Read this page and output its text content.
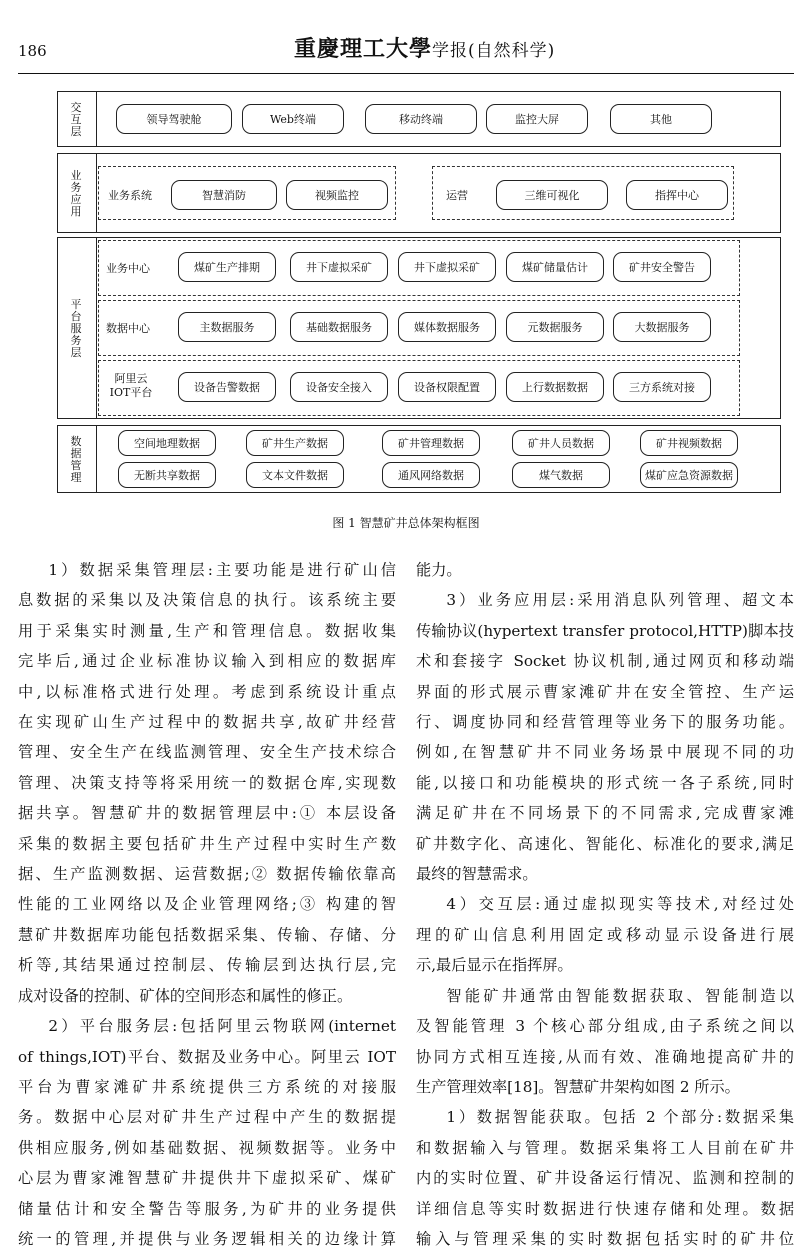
186	重慶理工大學学报(自然科学)
交互层
领导驾驶舱	Web终端	移动终端	监控大屏	其他
业务应用
业务系统	智慧消防	视频监控	运营	三维可视化	指挥中心
平台服务层
业务中心	煤矿生产排期	井下虚拟采矿	井下虚拟采矿	煤矿储量估计	矿井安全警告
数据中心	主数据服务	基础数据服务	媒体数据服务	元数据服务	大数据服务
阿里云 IOT平台	设备告警数据	设备安全接入	设备权限配置	上行数据数据	三方系统对接
数据管理
空间地理数据	矿井生产数据	矿井管理数据	矿井人员数据	矿井视频数据
无断共享数据	文本文件数据	通风网络数据	煤气数据	煤矿应急资源数据
图 1 智慧矿井总体架构框图
1）数据采集管理层:主要功能是进行矿山信
息数据的采集以及决策信息的执行。该系统主要
用于采集实时测量,生产和管理信息。数据收集
完毕后,通过企业标准协议输入到相应的数据库
中,以标准格式进行处理。考虑到系统设计重点
在实现矿山生产过程中的数据共享,故矿井经营
管理、安全生产在线监测管理、安全生产技术综合
管理、决策支持等将采用统一的数据仓库,实现数
据共享。智慧矿井的数据管理层中:① 本层设备
采集的数据主要包括矿井生产过程中实时生产数
据、生产监测数据、运营数据;② 数据传输依靠高
性能的工业网络以及企业管理网络;③ 构建的智
慧矿井数据库功能包括数据采集、传输、存储、分
析等,其结果通过控制层、传输层到达执行层,完
成对设备的控制、矿体的空间形态和属性的修正。
2）平台服务层:包括阿里云物联网(internet
of things,IOT)平台、数据及业务中心。阿里云 IOT
平台为曹家滩矿井系统提供三方系统的对接服
务。数据中心层对矿井生产过程中产生的数据提
供相应服务,例如基础数据、视频数据等。业务中
心层为曹家滩智慧矿井提供井下虚拟采矿、煤矿
储量估计和安全警告等服务,为矿井的业务提供
统一的管理,并提供与业务逻辑相关的边缘计算
能力。
3）业务应用层:采用消息队列管理、超文本
传输协议(hypertext transfer protocol,HTTP)脚本技
术和套接字 Socket 协议机制,通过网页和移动端
界面的形式展示曹家滩矿井在安全管控、生产运
行、调度协同和经营管理等业务下的服务功能。
例如,在智慧矿井不同业务场景中展现不同的功
能,以接口和功能模块的形式统一各子系统,同时
满足矿井在不同场景下的不同需求,完成曹家滩
矿井数字化、高速化、智能化、标准化的要求,满足
最终的智慧需求。
4）交互层:通过虚拟现实等技术,对经过处
理的矿山信息利用固定或移动显示设备进行展
示,最后显示在指挥屏。
智能矿井通常由智能数据获取、智能制造以
及智能管理 3 个核心部分组成,由子系统之间以
协同方式相互连接,从而有效、准确地提高矿井的
生产管理效率[18]。智慧矿井架构如图 2 所示。
1）数据智能获取。包括 2 个部分:数据采集
和数据输入与管理。数据采集将工人目前在矿井
内的实时位置、矿井设备运行情况、监测和控制的
详细信息等实时数据进行快速存储和处理。数据
输入与管理采集的实时数据包括实时的矿井位
